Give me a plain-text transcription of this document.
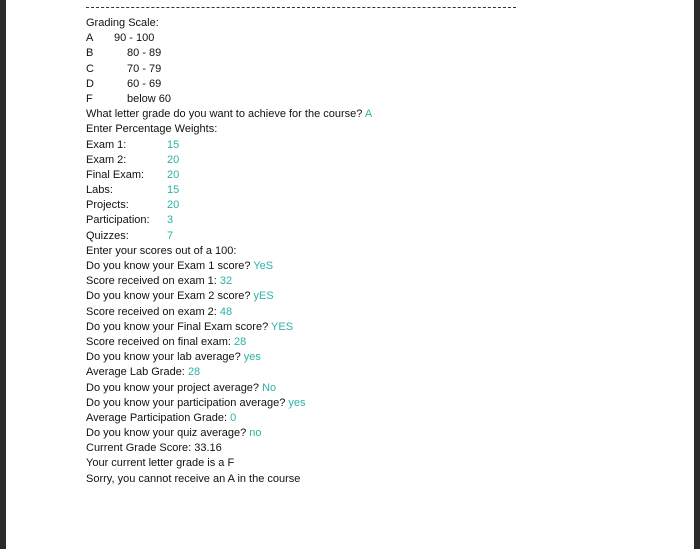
Grading Scale:
A 90 - 100
B	80 - 89
C	70 - 79
D	60 - 69
F	below 60
What letter grade do you want to achieve for the course? A
Enter Percentage Weights:
Exam 1:	15
Exam 2:	20
Final Exam: 20
Labs:	15
Projects:	20
Participation: 3
Quizzes:	7
Enter your scores out of a 100:
Do you know your Exam 1 score? YeS
Score received on exam 1: 32
Do you know your Exam 2 score? yES
Score received on exam 2: 48
Do you know your Final Exam score? YES
Score received on final exam: 28
Do you know your lab average? yes
Average Lab Grade: 28
Do you know your project average? No
Do you know your participation average? yes
Average Participation Grade: 0
Do you know your quiz average? no
Current Grade Score: 33.16
Your current letter grade is a F
Sorry, you cannot receive an A in the course
